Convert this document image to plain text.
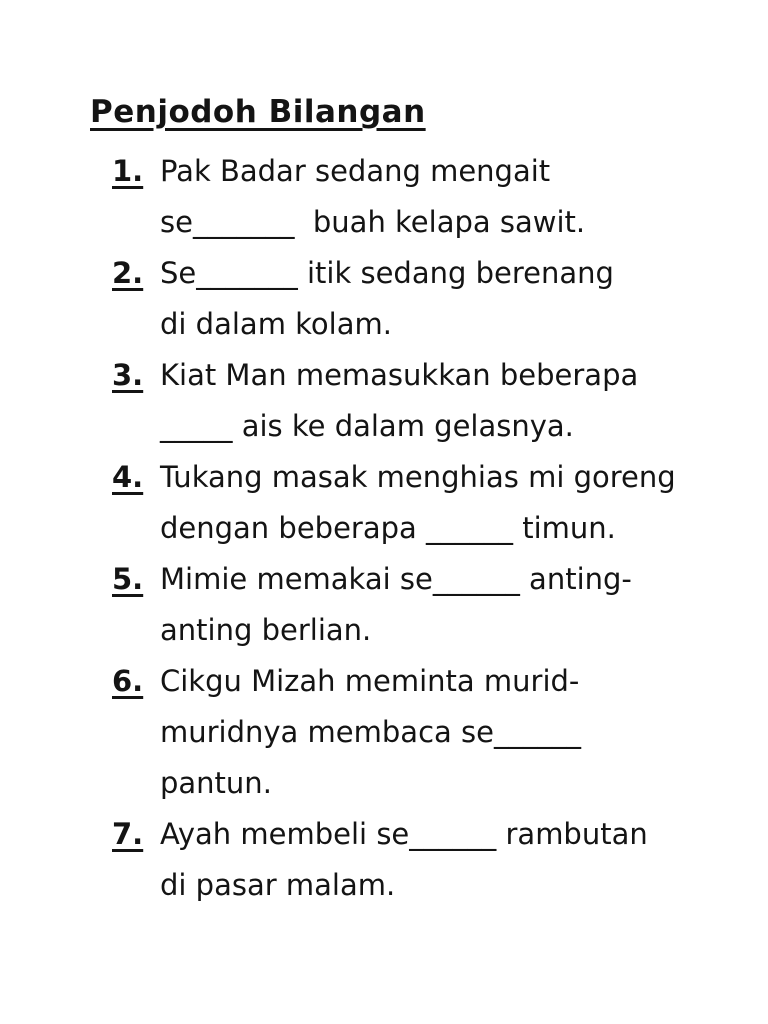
Penjodoh Bilangan
1. Pak Badar sedang mengait
se_______  buah kelapa sawit.
2. Se_______ itik sedang berenang
di dalam kolam.
3. Kiat Man memasukkan beberapa
_____ ais ke dalam gelasnya.
4. Tukang masak menghias mi goreng
dengan beberapa ______ timun.
5. Mimie memakai se______ anting-
anting berlian.
6. Cikgu Mizah meminta murid-
muridnya membaca se______
pantun.
7. Ayah membeli se______ rambutan
di pasar malam.
